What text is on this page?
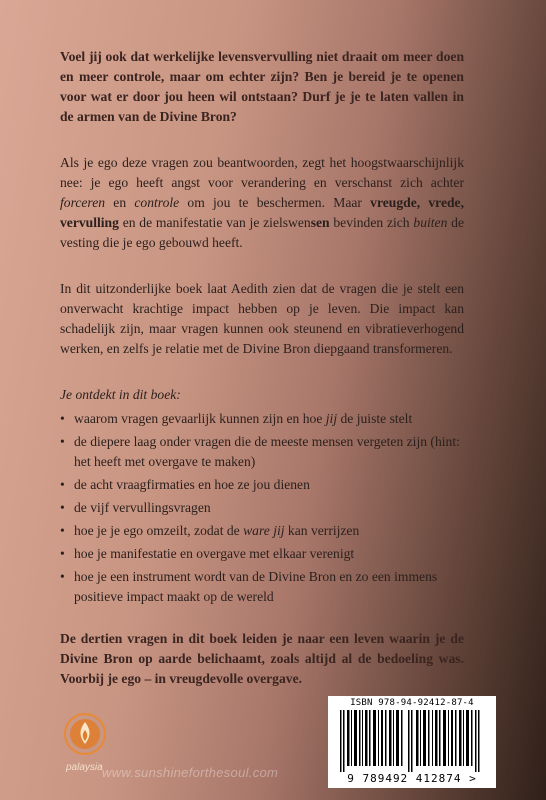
Voel jij ook dat werkelijke levensvervulling niet draait om meer doen en meer controle, maar om echter zijn? Ben je bereid je te openen voor wat er door jou heen wil ontstaan? Durf je je te laten vallen in de armen van de Divine Bron?

Als je ego deze vragen zou beantwoorden, zegt het hoogstwaarschijnlijk nee: je ego heeft angst voor verandering en verschanst zich achter forceren en controle om jou te beschermen. Maar vreugde, vrede, vervulling en de manifestatie van je zielswensen bevinden zich buiten de vesting die je ego gebouwd heeft.

In dit uitzonderlijke boek laat Aedith zien dat de vragen die je stelt een onverwacht krachtige impact hebben op je leven. Die impact kan schadelijk zijn, maar vragen kunnen ook steunend en vibratieverhogend werken, en zelfs je relatie met de Divine Bron diepgaand transformeren.

Je ontdekt in dit boek:

• waarom vragen gevaarlijk kunnen zijn en hoe jij de juiste stelt
• de diepere laag onder vragen die de meeste mensen vergeten zijn (hint: het heeft met overgave te maken)
• de acht vraagfirmaties en hoe ze jou dienen
• de vijf vervullingsvragen
• hoe je je ego omzeilt, zodat de ware jij kan verrijzen
• hoe je manifestatie en overgave met elkaar verenigt
• hoe je een instrument wordt van de Divine Bron en zo een immens positieve impact maakt op de wereld

De dertien vragen in dit boek leiden je naar een leven waarin je de Divine Bron op aarde belichaamt, zoals altijd al de bedoeling was. Voorbij je ego – in vreugdevolle overgave.

palaysia www.sunshineforthesoul.com
ISBN 978-94-92412-87-4
9 789492 412874 >
